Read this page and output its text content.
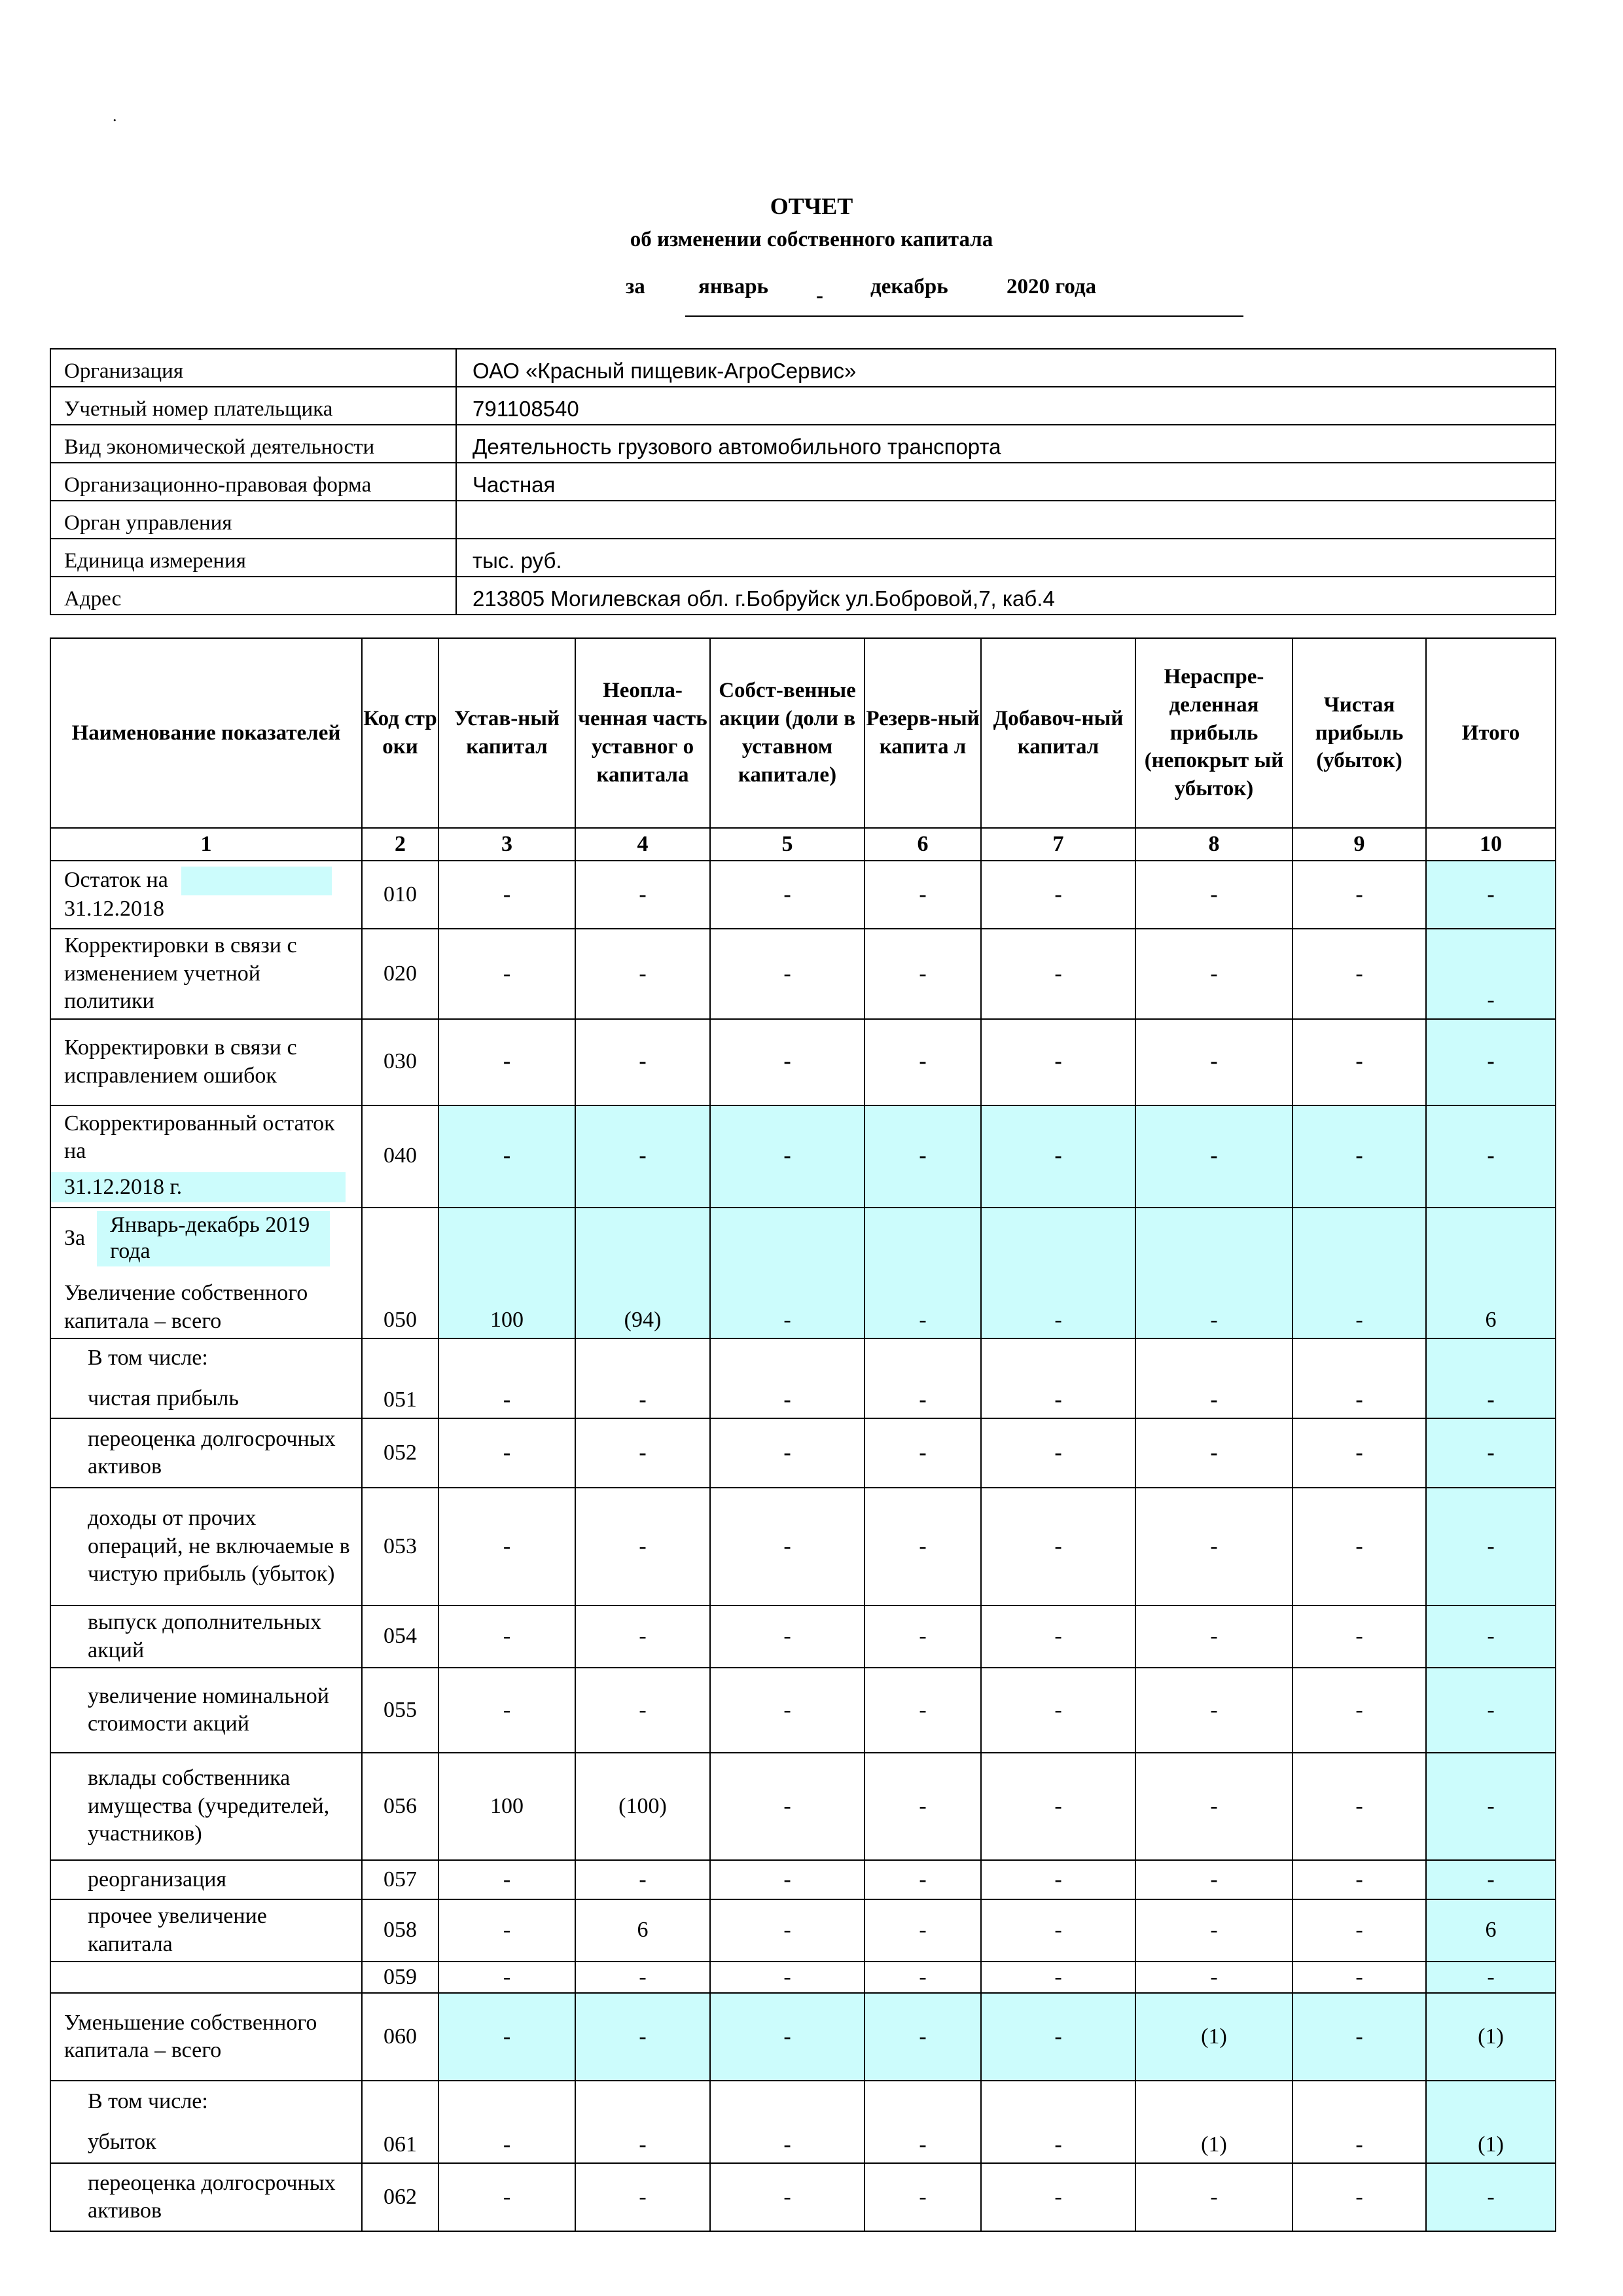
.
ОТЧЕТ
об изменении собственного капитала
за январь - декабрь	2020 года
Организация	ОАО «Красный пищевик-АгроСервис»
Учетный номер плательщика	791108540
Вид экономической деятельности	Деятельность грузового автомобильного транспорта
Организационно-правовая форма	Частная
Орган управления	
Единица измерения	тыс. руб.
Адрес	213805 Могилевская обл. г.Бобруйск ул.Бобровой,7, каб.4
Наименование показателей	Код стр оки	Устав-ный капитал	Неопла-ченная часть уставног о капитала	Собст-венные акции (доли в уставном капитале)	Резерв-ный капита л	Добавоч-ный капитал	Нераспре-деленная прибыль (непокрыт ый убыток)	Чистая прибыль (убыток)	Итого
1	2	3	4	5	6	7	8	9	10

Остаток на
31.12.2018	010	-	-	-	-	-	-	-	-
Корректировки в связи с изменением учетной политики	020	-	-	-	-	-	-	-	-
Корректировки в связи с исправлением ошибок	030	-	-	-	-	-	-	-	-

Скорректированный остаток на
31.12.2018 г.	040	-	-	-	-	-	-	-	-

За
Январь-декабрь 2019 года
Увеличение собственного капитала – всего	050	100	(94)	-	-	-	-	-	6

В том числе:
чистая прибыль	051	-	-	-	-	-	-	-	-
переоценка долгосрочных активов	052	-	-	-	-	-	-	-	-
доходы от прочих операций, не включаемые в чистую прибыль (убыток)	053	-	-	-	-	-	-	-	-
выпуск дополнительных акций	054	-	-	-	-	-	-	-	-
увеличение номинальной стоимости акций	055	-	-	-	-	-	-	-	-
вклады собственника имущества (учредителей, участников)	056	100	(100)	-	-	-	-	-	-
реорганизация	057	-	-	-	-	-	-	-	-
прочее увеличение капитала	058	-	6	-	-	-	-	-	6
	059	-	-	-	-	-	-	-	-
Уменьшение собственного капитала – всего	060	-	-	-	-	-	(1)	-	(1)

В том числе:
убыток	061	-	-	-	-	-	(1)	-	(1)
переоценка долгосрочных активов	062	-	-	-	-	-	-	-	-
